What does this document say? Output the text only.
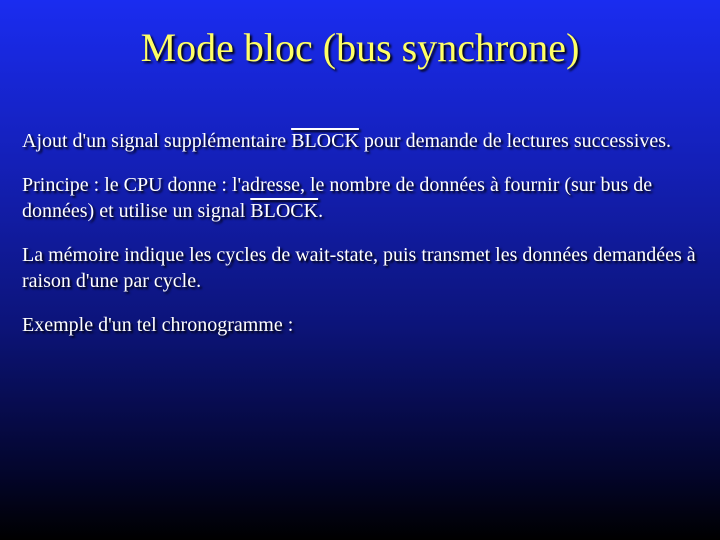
Mode bloc (bus synchrone)

Ajout d'un signal supplémentaire BLOCK pour demande de lectures successives.

Principe : le CPU donne : l'adresse, le nombre de données à fournir (sur bus de données) et utilise un signal BLOCK.

La mémoire indique les cycles de wait-state, puis transmet les données demandées à raison d'une par cycle.

Exemple d'un tel chronogramme :
